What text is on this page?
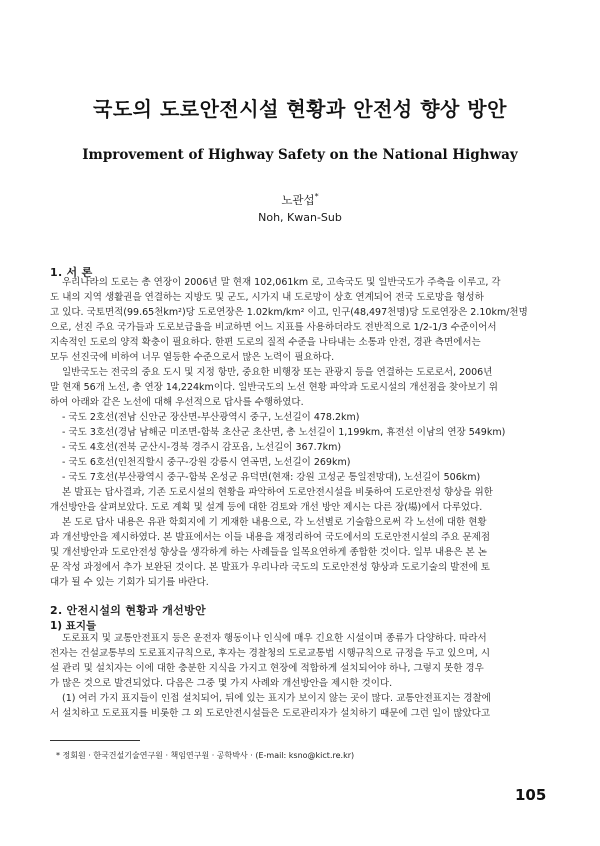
국도의 도로안전시설 현황과 안전성 향상 방안
Improvement of Highway Safety on the National Highway
노관섭*
Noh, Kwan-Sub
1. 서 론
우리나라의 도로는 총 연장이 2006년 말 현재 102,061km 로, 고속국도 및 일반국도가 주축을 이루고, 각
도 내의 지역 생활권을 연결하는 지방도 및 군도, 시가지 내 도로망이 상호 연계되어 전국 도로망을 형성하
고 있다. 국토면적(99.65천km²)당 도로연장은 1.02km/km² 이고, 인구(48,497천명)당 도로연장은 2.10km/천명
으로, 선진 주요 국가들과 도로보급율을 비교하면 어느 지표를 사용하더라도 전반적으로 1/2-1/3 수준이어서
지속적인 도로의 양적 확충이 필요하다. 한편 도로의 질적 수준을 나타내는 소통과 안전, 경관 측면에서는
모두 선진국에 비하여 너무 열등한 수준으로서 많은 노력이 필요하다.
일반국도는 전국의 중요 도시 및 지정 항만, 중요한 비행장 또는 관광지 등을 연결하는 도로로서, 2006년
말 현재 56개 노선, 총 연장 14,224km이다. 일반국도의 노선 현황 파악과 도로시설의 개선점을 찾아보기 위
하여 아래와 같은 노선에 대해 우선적으로 답사를 수행하였다.
- 국도 2호선(전남 신안군 장산면-부산광역시 중구, 노선길이 478.2km)
- 국도 3호선(경남 남해군 미조면-함북 초산군 초산면, 총 노선길이 1,199km, 휴전선 이남의 연장 549km)
- 국도 4호선(전북 군산시-경북 경주시 감포읍, 노선길이 367.7km)
- 국도 6호선(인천직할시 중구-강원 강릉시 연곡면, 노선길이 269km)
- 국도 7호선(부산광역시 중구-함북 온성군 유덕면(현재: 강원 고성군 통일전망대), 노선길이 506km)
본 발표는 답사결과, 기존 도로시설의 현황을 파악하여 도로안전시설을 비롯하여 도로안전성 향상을 위한
개선방안을 살펴보았다. 도로 계획 및 설계 등에 대한 검토와 개선 방안 제시는 다른 장(場)에서 다루었다.
본 도로 답사 내용은 유관 학회지에 기 게재한 내용으로, 각 노선별로 기술함으로써 각 노선에 대한 현황
과 개선방안을 제시하였다. 본 발표에서는 이들 내용을 재정리하여 국도에서의 도로안전시설의 주요 문제점
및 개선방안과 도로안전성 향상을 생각하게 하는 사례들을 일목요연하게 종합한 것이다. 일부 내용은 본 논
문 작성 과정에서 추가 보완된 것이다. 본 발표가 우리나라 국도의 도로안전성 향상과 도로기술의 발전에 토
대가 될 수 있는 기회가 되기를 바란다.
2. 안전시설의 현황과 개선방안
1) 표지들
도로표지 및 교통안전표지 등은 운전자 행동이나 인식에 매우 긴요한 시설이며 종류가 다양하다. 따라서
전자는 건설교통부의 도로표지규칙으로, 후자는 경찰청의 도로교통법 시행규칙으로 규정을 두고 있으며, 시
설 관리 및 설치자는 이에 대한 충분한 지식을 가지고 현장에 적합하게 설치되어야 하나, 그렇지 못한 경우
가 많은 것으로 발견되었다. 다음은 그중 몇 가지 사례와 개선방안을 제시한 것이다.
(1) 여러 가지 표지들이 인접 설치되어, 뒤에 있는 표지가 보이지 않는 곳이 많다. 교통안전표지는 경찰에
서 설치하고 도로표지를 비롯한 그 외 도로안전시설들은 도로관리자가 설치하기 때문에 그런 일이 많았다고
* 정회원 · 한국건설기술연구원 · 책임연구원 · 공학박사 · (E-mail: ksno@kict.re.kr)
105
